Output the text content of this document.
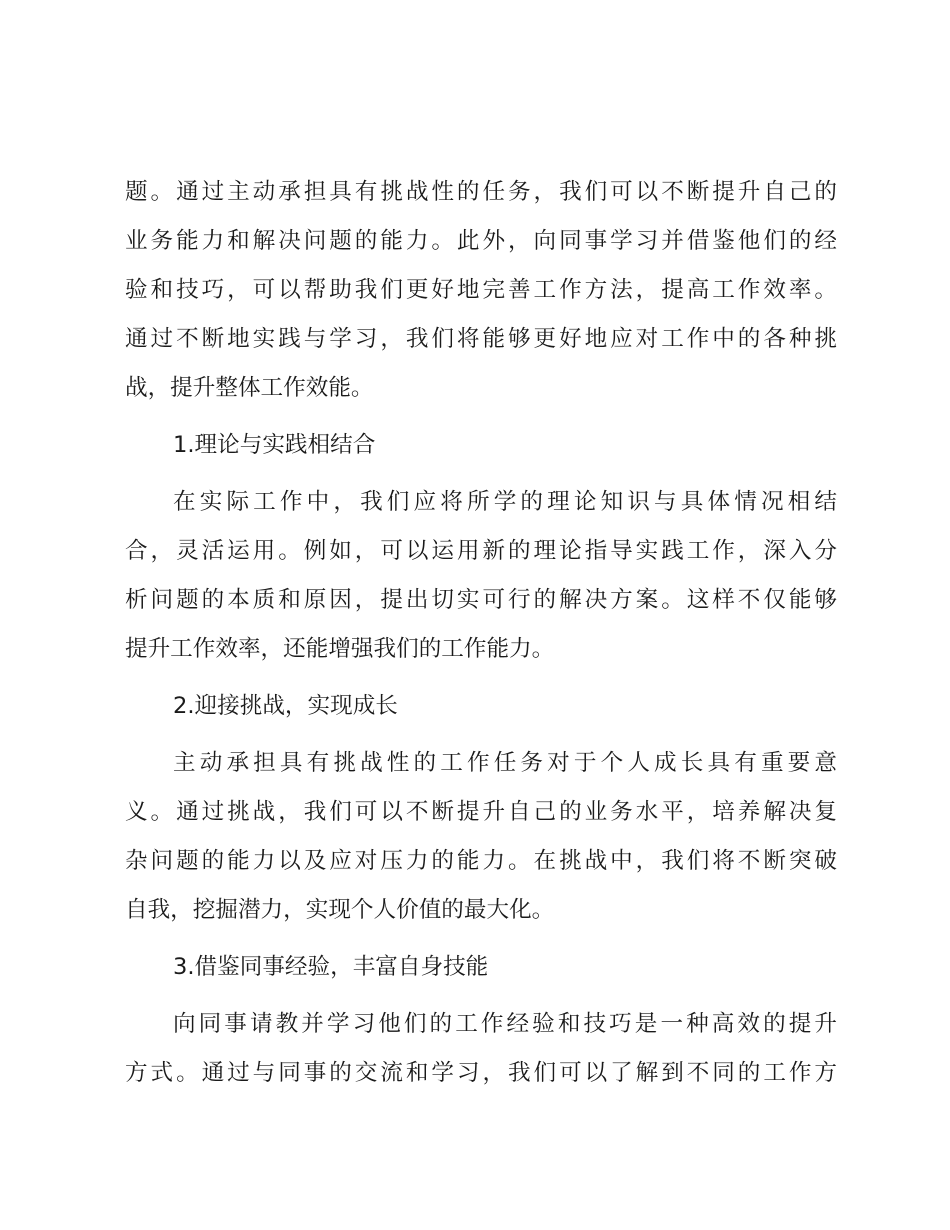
题。通过主动承担具有挑战性的任务，我们可以不断提升自己的
业务能力和解决问题的能力。此外，向同事学习并借鉴他们的经
验和技巧，可以帮助我们更好地完善工作方法，提高工作效率。
通过不断地实践与学习，我们将能够更好地应对工作中的各种挑
战，提升整体工作效能。
1.理论与实践相结合
在实际工作中，我们应将所学的理论知识与具体情况相结
合，灵活运用。例如，可以运用新的理论指导实践工作，深入分
析问题的本质和原因，提出切实可行的解决方案。这样不仅能够
提升工作效率，还能增强我们的工作能力。
2.迎接挑战，实现成长
主动承担具有挑战性的工作任务对于个人成长具有重要意
义。通过挑战，我们可以不断提升自己的业务水平，培养解决复
杂问题的能力以及应对压力的能力。在挑战中，我们将不断突破
自我，挖掘潜力，实现个人价值的最大化。
3.借鉴同事经验，丰富自身技能
向同事请教并学习他们的工作经验和技巧是一种高效的提升
方式。通过与同事的交流和学习，我们可以了解到不同的工作方
